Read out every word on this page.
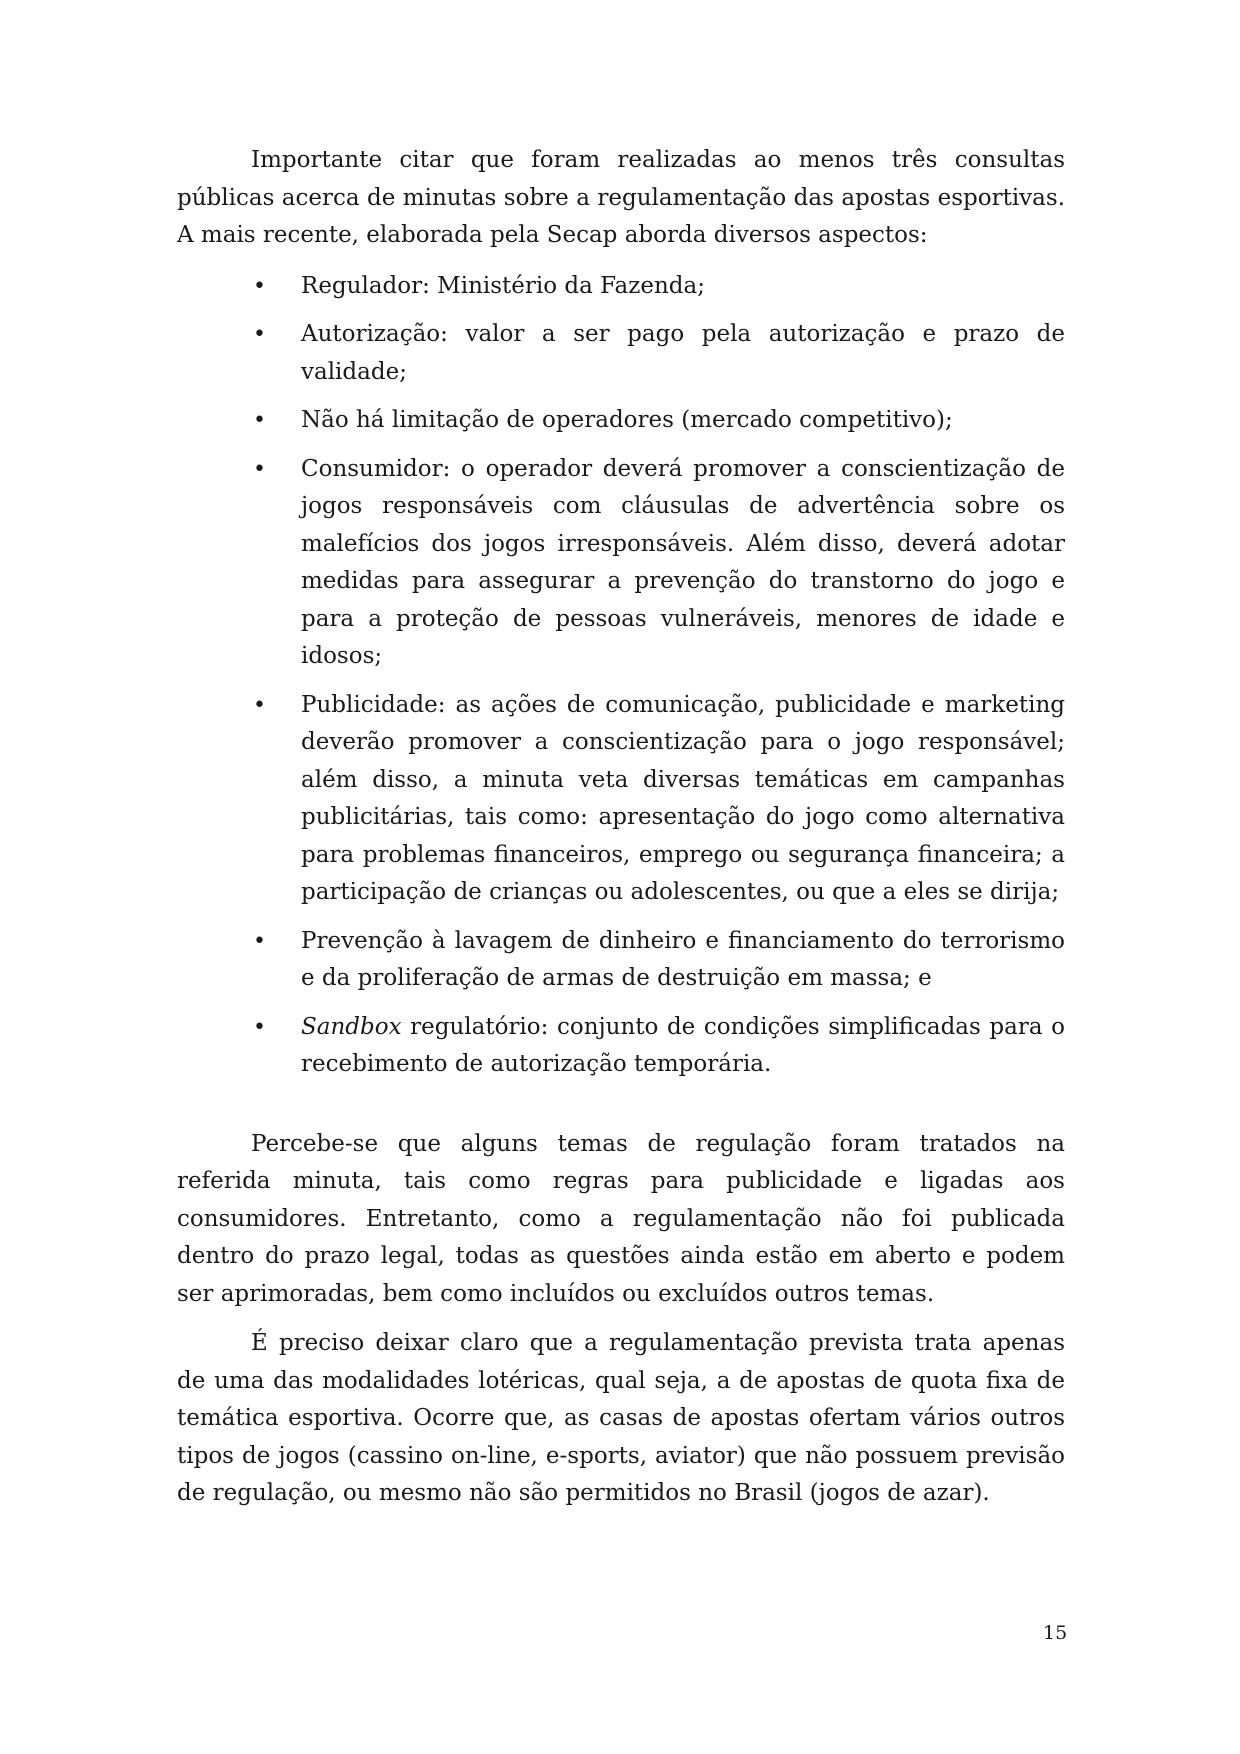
Importante citar que foram realizadas ao menos três consultas públicas acerca de minutas sobre a regulamentação das apostas esportivas. A mais recente, elaborada pela Secap aborda diversos aspectos:

• Regulador: Ministério da Fazenda;
• Autorização: valor a ser pago pela autorização e prazo de validade;
• Não há limitação de operadores (mercado competitivo);
• Consumidor: o operador deverá promover a conscientização de jogos responsáveis com cláusulas de advertência sobre os malefícios dos jogos irresponsáveis. Além disso, deverá adotar medidas para assegurar a prevenção do transtorno do jogo e para a proteção de pessoas vulneráveis, menores de idade e idosos;
• Publicidade: as ações de comunicação, publicidade e marketing deverão promover a conscientização para o jogo responsável; além disso, a minuta veta diversas temáticas em campanhas publicitárias, tais como: apresentação do jogo como alternativa para problemas financeiros, emprego ou segurança financeira; a participação de crianças ou adolescentes, ou que a eles se dirija;
• Prevenção à lavagem de dinheiro e financiamento do terrorismo e da proliferação de armas de destruição em massa; e
• Sandbox regulatório: conjunto de condições simplificadas para o recebimento de autorização temporária.

Percebe-se que alguns temas de regulação foram tratados na referida minuta, tais como regras para publicidade e ligadas aos consumidores. Entretanto, como a regulamentação não foi publicada dentro do prazo legal, todas as questões ainda estão em aberto e podem ser aprimoradas, bem como incluídos ou excluídos outros temas.

É preciso deixar claro que a regulamentação prevista trata apenas de uma das modalidades lotéricas, qual seja, a de apostas de quota fixa de temática esportiva. Ocorre que, as casas de apostas ofertam vários outros tipos de jogos (cassino on-line, e-sports, aviator) que não possuem previsão de regulação, ou mesmo não são permitidos no Brasil (jogos de azar).

15
